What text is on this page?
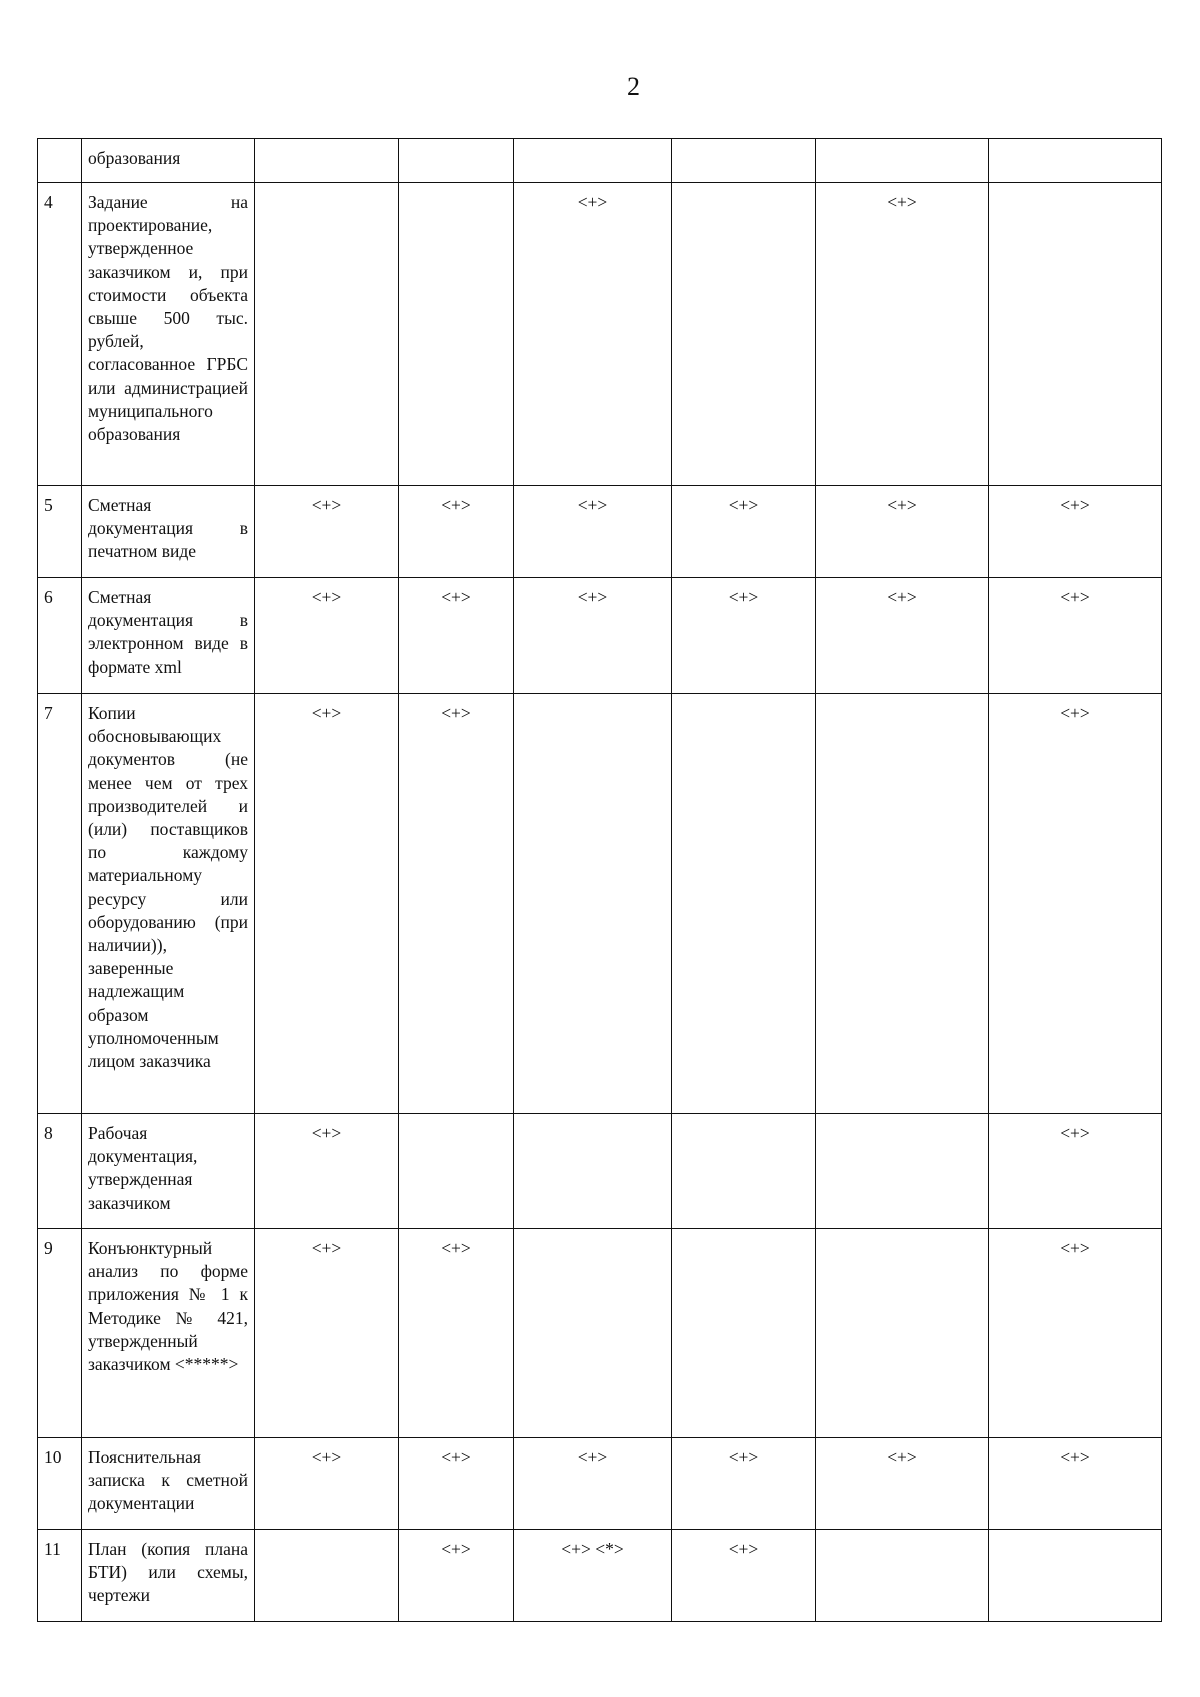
2
	образования						
4	Задание на проектирование, утвержденное заказчиком и, при стоимости объекта свыше 500 тыс. рублей, согласованное ГРБС или администрацией муниципального образования			<+>		<+>	
5	Сметная документация в печатном виде	<+>	<+>	<+>	<+>	<+>	<+>
6	Сметная документация в электронном виде в формате xml	<+>	<+>	<+>	<+>	<+>	<+>
7	Копии обосновывающих документов (не менее чем от трех производителей и (или) поставщиков по каждому материальному ресурсу или оборудованию (при наличии)), заверенные надлежащим образом уполномоченным лицом заказчика	<+>	<+>				<+>
8	Рабочая документация, утвержденная заказчиком	<+>					<+>
9	Конъюнктурный анализ по форме приложения № 1 к Методике № 421, утвержденный заказчиком <*****>	<+>	<+>				<+>
10	Пояснительная записка к сметной документации	<+>	<+>	<+>	<+>	<+>	<+>
11	План (копия плана БТИ) или схемы, чертежи		<+>	<+> <*>	<+>		
